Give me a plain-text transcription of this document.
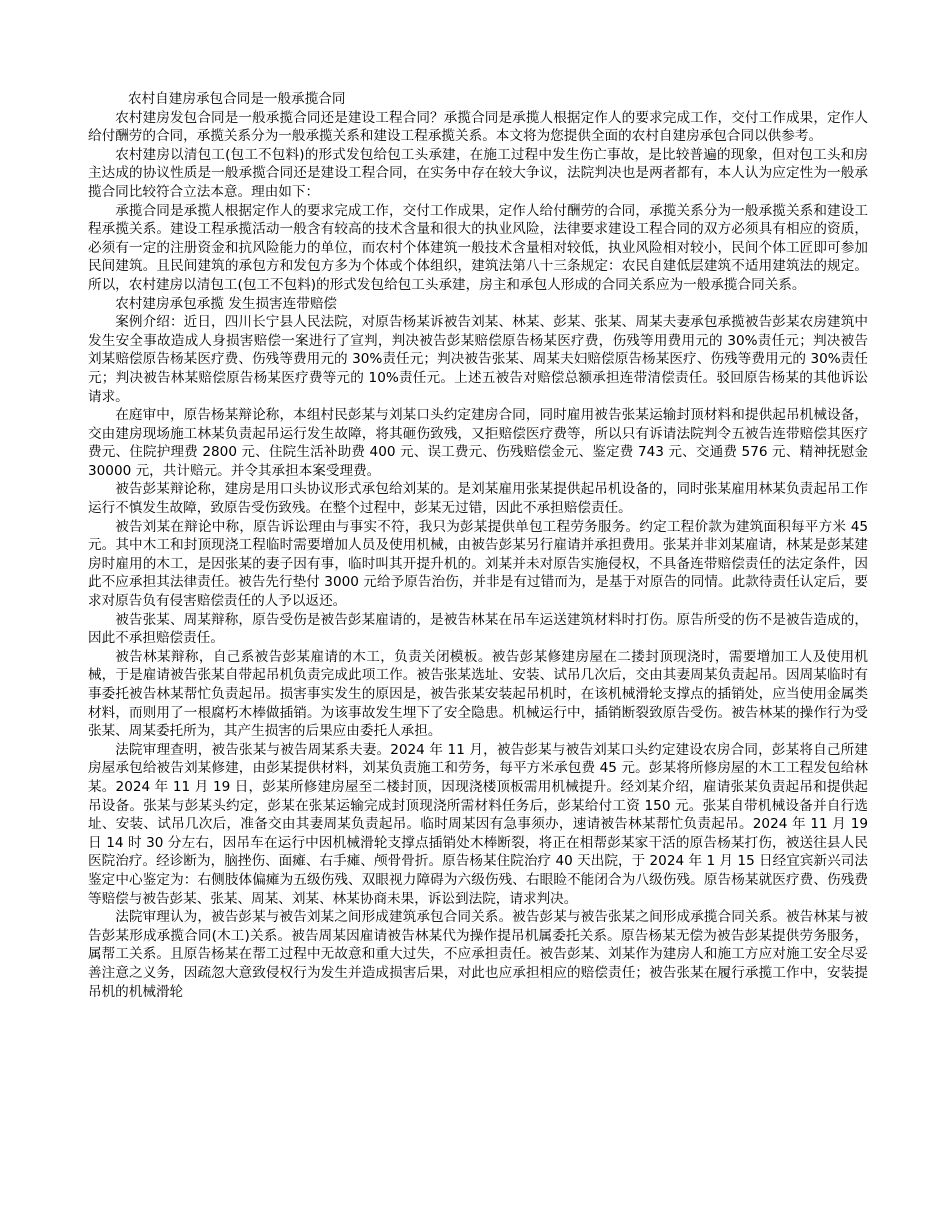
农村自建房承包合同是一般承揽合同

农村建房发包合同是一般承揽合同还是建设工程合同？承揽合同是承揽人根据定作人的要求完成工作，交付工作成果，定作人给付酬劳的合同，承揽关系分为一般承揽关系和建设工程承揽关系。本文将为您提供全面的农村自建房承包合同以供参考。

农村建房以清包工(包工不包料)的形式发包给包工头承建，在施工过程中发生伤亡事故，是比较普遍的现象，但对包工头和房主达成的协议性质是一般承揽合同还是建设工程合同，在实务中存在较大争议，法院判决也是两者都有，本人认为应定性为一般承揽合同比较符合立法本意。理由如下：

承揽合同是承揽人根据定作人的要求完成工作，交付工作成果，定作人给付酬劳的合同，承揽关系分为一般承揽关系和建设工程承揽关系。建设工程承揽活动一般含有较高的技术含量和很大的执业风险，法律要求建设工程合同的双方必须具有相应的资质，必须有一定的注册资金和抗风险能力的单位，而农村个体建筑一般技术含量相对较低，执业风险相对较小，民间个体工匠即可参加民间建筑。且民间建筑的承包方和发包方多为个体或个体组织，建筑法第八十三条规定：农民自建低层建筑不适用建筑法的规定。所以，农村建房以清包工(包工不包料)的形式发包给包工头承建，房主和承包人形成的合同关系应为一般承揽合同关系。

农村建房承包承揽 发生损害连带赔偿

案例介绍：近日，四川长宁县人民法院，对原告杨某诉被告刘某、林某、彭某、张某、周某夫妻承包承揽被告彭某农房建筑中发生安全事故造成人身损害赔偿一案进行了宣判，判决被告彭某赔偿原告杨某医疗费，伤残等用费用元的 30%责任元；判决被告刘某赔偿原告杨某医疗费、伤残等费用元的 30%责任元；判决被告张某、周某夫妇赔偿原告杨某医疗、伤残等费用元的 30%责任元；判决被告林某赔偿原告杨某医疗费等元的 10%责任元。上述五被告对赔偿总额承担连带清偿责任。驳回原告杨某的其他诉讼请求。

在庭审中，原告杨某辩论称，本组村民彭某与刘某口头约定建房合同，同时雇用被告张某运输封顶材料和提供起吊机械设备，交由建房现场施工林某负责起吊运行发生故障，将其砸伤致残，又拒赔偿医疗费等，所以只有诉请法院判令五被告连带赔偿其医疗费元、住院护理费 2800 元、住院生活补助费 400 元、误工费元、伤残赔偿金元、鉴定费 743 元、交通费 576 元、精神抚慰金 30000 元，共计赔元。并令其承担本案受理费。

被告彭某辩论称，建房是用口头协议形式承包给刘某的。是刘某雇用张某提供起吊机设备的，同时张某雇用林某负责起吊工作运行不慎发生故障，致原告受伤致残。在整个过程中，彭某无过错，因此不承担赔偿责任。

被告刘某在辩论中称，原告诉讼理由与事实不符，我只为彭某提供单包工程劳务服务。约定工程价款为建筑面积每平方米 45 元。其中木工和封顶现浇工程临时需要增加人员及使用机械，由被告彭某另行雇请并承担费用。张某并非刘某雇请，林某是彭某建房时雇用的木工，是因张某的妻子因有事，临时叫其开提升机的。刘某并未对原告实施侵权，不具备连带赔偿责任的法定条件，因此不应承担其法律责任。被告先行垫付 3000 元给予原告治伤，并非是有过错而为，是基于对原告的同情。此款待责任认定后，要求对原告负有侵害赔偿责任的人予以返还。

被告张某、周某辩称，原告受伤是被告彭某雇请的，是被告林某在吊车运送建筑材料时打伤。原告所受的伤不是被告造成的，因此不承担赔偿责任。

被告林某辩称，自己系被告彭某雇请的木工，负责关闭模板。被告彭某修建房屋在二搂封顶现浇时，需要增加工人及使用机械，于是雇请被告张某自带起吊机负责完成此项工作。被告张某选址、安装、试吊几次后，交由其妻周某负责起吊。因周某临时有事委托被告林某帮忙负责起吊。损害事实发生的原因是，被告张某安装起吊机时，在该机械滑轮支撑点的插销处，应当使用金属类材料，而则用了一根腐朽木棒做插销。为该事故发生埋下了安全隐患。机械运行中，插销断裂致原告受伤。被告林某的操作行为受张某、周某委托所为，其产生损害的后果应由委托人承担。

法院审理查明，被告张某与被告周某系夫妻。2024 年 11 月，被告彭某与被告刘某口头约定建设农房合同，彭某将自己所建房屋承包给被告刘某修建，由彭某提供材料，刘某负责施工和劳务，每平方米承包费 45 元。彭某将所修房屋的木工工程发包给林某。2024 年 11 月 19 日，彭某所修建房屋至二楼封顶，因现浇楼顶板需用机械提升。经刘某介绍，雇请张某负责起吊和提供起吊设备。张某与彭某头约定，彭某在张某运输完成封顶现浇所需材料任务后，彭某给付工资 150 元。张某自带机械设备并自行选址、安装、试吊几次后，准备交由其妻周某负责起吊。临时周某因有急事须办，速请被告林某帮忙负责起吊。2024 年 11 月 19 日 14 时 30 分左右，因吊车在运行中因机械滑轮支撑点插销处木棒断裂，将正在相帮彭某家干活的原告杨某打伤，被送往县人民医院治疗。经诊断为，脑挫伤、面瘫、右手瘫、颅骨骨折。原告杨某住院治疗 40 天出院，于 2024 年 1 月 15 日经宜宾新兴司法鉴定中心鉴定为：右侧肢体偏瘫为五级伤残、双眼视力障碍为六级伤残、右眼睑不能闭合为八级伤残。原告杨某就医疗费、伤残费等赔偿与被告彭某、张某、周某、刘某、林某协商未果，诉讼到法院，请求判决。

法院审理认为，被告彭某与被告刘某之间形成建筑承包合同关系。被告彭某与被告张某之间形成承揽合同关系。被告林某与被告彭某形成承揽合同(木工)关系。被告周某因雇请被告林某代为操作提吊机属委托关系。原告杨某无偿为被告彭某提供劳务服务，属帮工关系。且原告杨某在帮工过程中无故意和重大过失，不应承担责任。被告彭某、刘某作为建房人和施工方应对施工安全尽妥善注意之义务，因疏忽大意致侵权行为发生并造成损害后果，对此也应承担相应的赔偿责任；被告张某在履行承揽工作中，安装提吊机的机械滑轮
